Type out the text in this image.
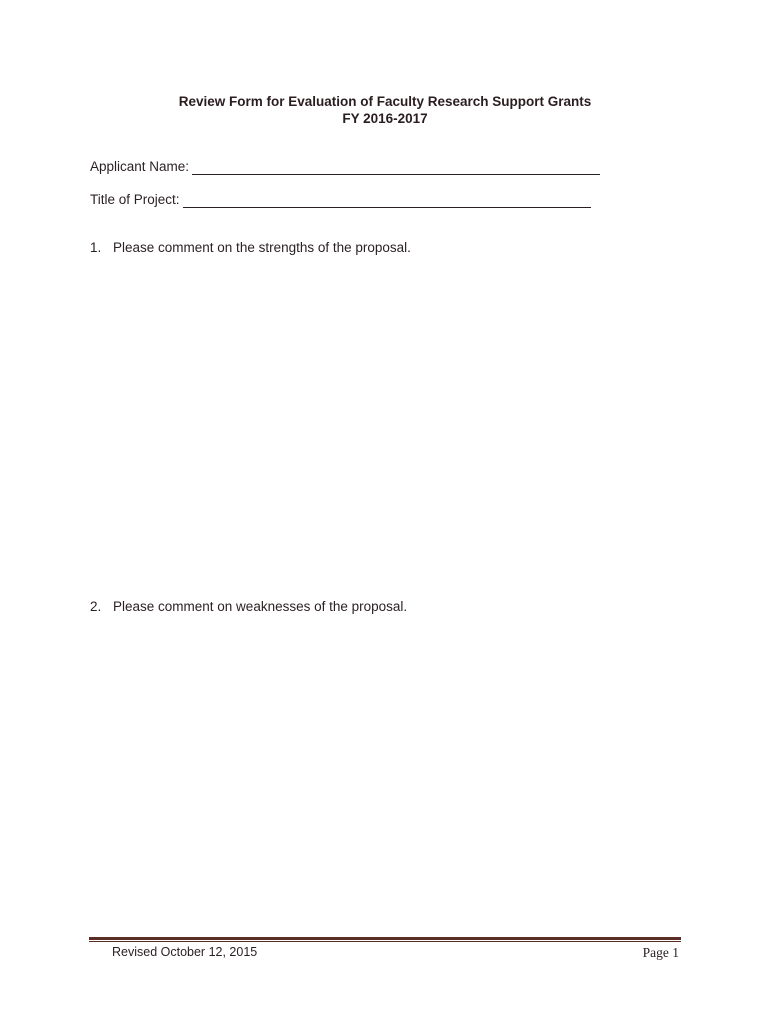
Review Form for Evaluation of Faculty Research Support Grants
FY 2016-2017
Applicant Name:
Title of Project:
1. Please comment on the strengths of the proposal.
2. Please comment on weaknesses of the proposal.
Revised October 12, 2015	Page 1
